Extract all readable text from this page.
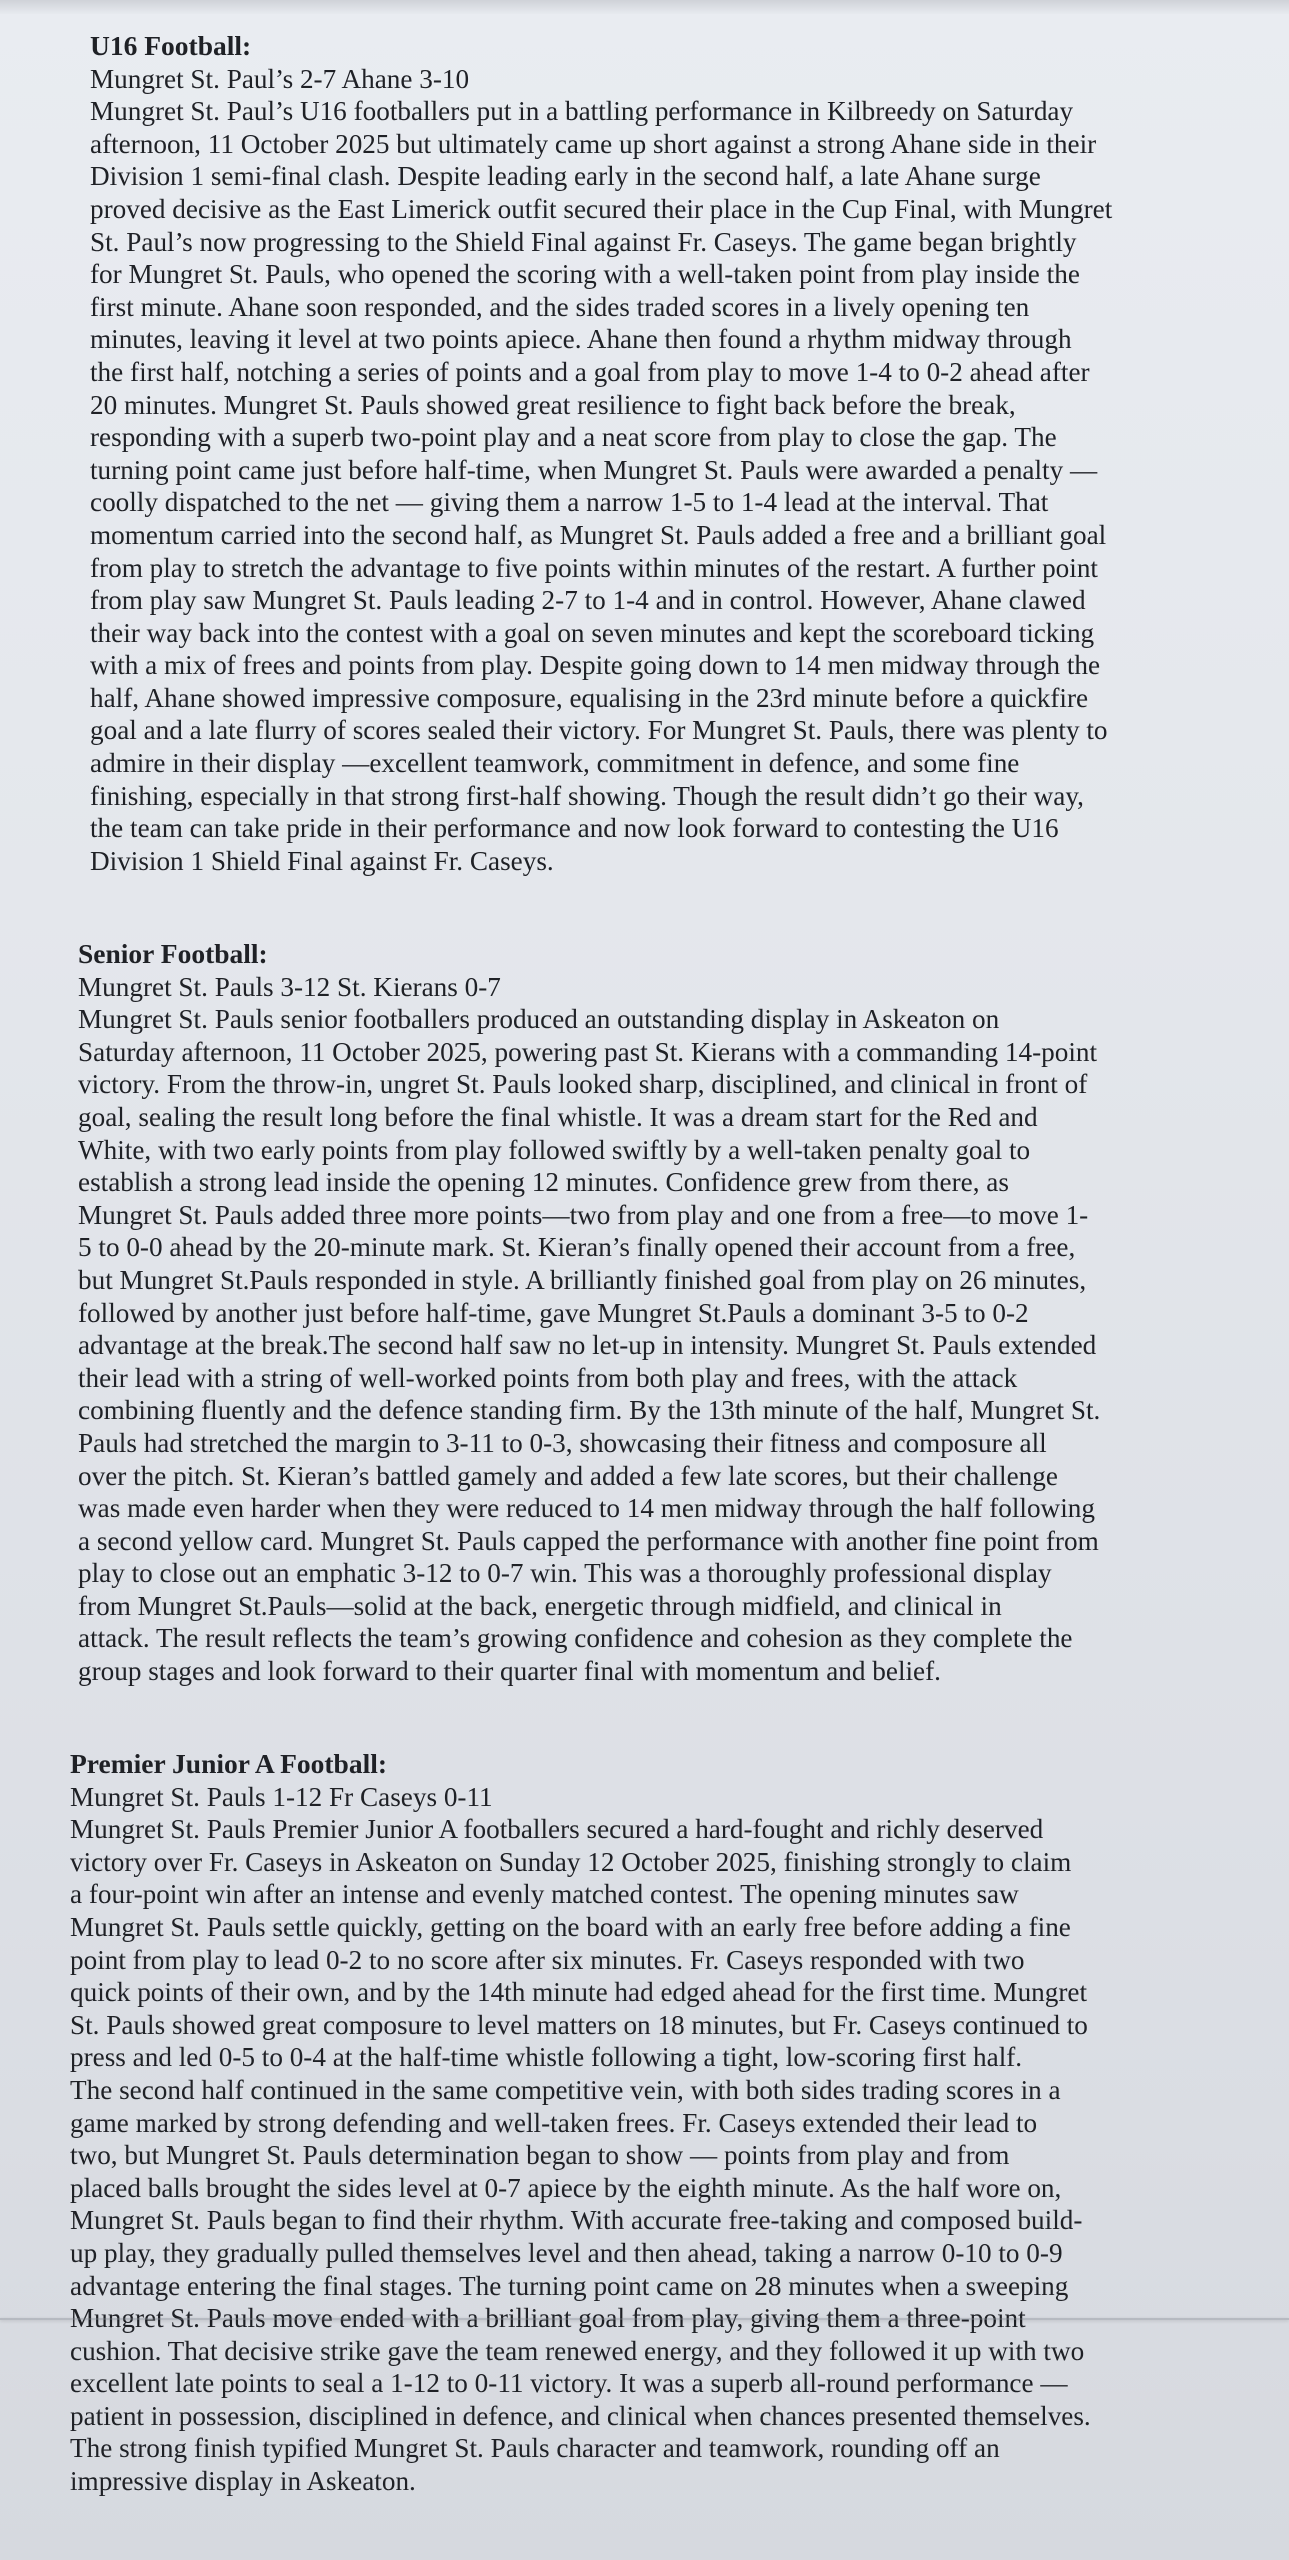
U16 Football:

Mungret St. Paul’s 2-7 Ahane 3-10

Mungret St. Paul’s U16 footballers put in a battling performance in Kilbreedy on Saturday
afternoon, 11 October 2025 but ultimately came up short against a strong Ahane side in their
Division 1 semi-final clash. Despite leading early in the second half, a late Ahane surge
proved decisive as the East Limerick outfit secured their place in the Cup Final, with Mungret
St. Paul’s now progressing to the Shield Final against Fr. Caseys. The game began brightly
for Mungret St. Pauls, who opened the scoring with a well-taken point from play inside the
first minute. Ahane soon responded, and the sides traded scores in a lively opening ten
minutes, leaving it level at two points apiece. Ahane then found a rhythm midway through
the first half, notching a series of points and a goal from play to move 1-4 to 0-2 ahead after
20 minutes. Mungret St. Pauls showed great resilience to fight back before the break,
responding with a superb two-point play and a neat score from play to close the gap. The
turning point came just before half-time, when Mungret St. Pauls were awarded a penalty —
coolly dispatched to the net — giving them a narrow 1-5 to 1-4 lead at the interval. That
momentum carried into the second half, as Mungret St. Pauls added a free and a brilliant goal
from play to stretch the advantage to five points within minutes of the restart. A further point
from play saw Mungret St. Pauls leading 2-7 to 1-4 and in control. However, Ahane clawed
their way back into the contest with a goal on seven minutes and kept the scoreboard ticking
with a mix of frees and points from play. Despite going down to 14 men midway through the
half, Ahane showed impressive composure, equalising in the 23rd minute before a quickfire
goal and a late flurry of scores sealed their victory. For Mungret St. Pauls, there was plenty to
admire in their display —excellent teamwork, commitment in defence, and some fine
finishing, especially in that strong first-half showing. Though the result didn’t go their way,
the team can take pride in their performance and now look forward to contesting the U16
Division 1 Shield Final against Fr. Caseys.

Senior Football:

Mungret St. Pauls 3-12 St. Kierans 0-7

Mungret St. Pauls senior footballers produced an outstanding display in Askeaton on
Saturday afternoon, 11 October 2025, powering past St. Kierans with a commanding 14-point
victory. From the throw-in, ungret St. Pauls looked sharp, disciplined, and clinical in front of
goal, sealing the result long before the final whistle. It was a dream start for the Red and
White, with two early points from play followed swiftly by a well-taken penalty goal to
establish a strong lead inside the opening 12 minutes. Confidence grew from there, as
Mungret St. Pauls added three more points—two from play and one from a free—to move 1-
5 to 0-0 ahead by the 20-minute mark. St. Kieran’s finally opened their account from a free,
but Mungret St.Pauls responded in style. A brilliantly finished goal from play on 26 minutes,
followed by another just before half-time, gave Mungret St.Pauls a dominant 3-5 to 0-2
advantage at the break.The second half saw no let-up in intensity. Mungret St. Pauls extended
their lead with a string of well-worked points from both play and frees, with the attack
combining fluently and the defence standing firm. By the 13th minute of the half, Mungret St.
Pauls had stretched the margin to 3-11 to 0-3, showcasing their fitness and composure all
over the pitch. St. Kieran’s battled gamely and added a few late scores, but their challenge
was made even harder when they were reduced to 14 men midway through the half following
a second yellow card. Mungret St. Pauls capped the performance with another fine point from
play to close out an emphatic 3-12 to 0-7 win. This was a thoroughly professional display
from Mungret St.Pauls—solid at the back, energetic through midfield, and clinical in
attack. The result reflects the team’s growing confidence and cohesion as they complete the
group stages and look forward to their quarter final with momentum and belief.

Premier Junior A Football:

Mungret St. Pauls 1-12 Fr Caseys 0-11

Mungret St. Pauls Premier Junior A footballers secured a hard-fought and richly deserved
victory over Fr. Caseys in Askeaton on Sunday 12 October 2025, finishing strongly to claim
a four-point win after an intense and evenly matched contest. The opening minutes saw
Mungret St. Pauls settle quickly, getting on the board with an early free before adding a fine
point from play to lead 0-2 to no score after six minutes. Fr. Caseys responded with two
quick points of their own, and by the 14th minute had edged ahead for the first time. Mungret
St. Pauls showed great composure to level matters on 18 minutes, but Fr. Caseys continued to
press and led 0-5 to 0-4 at the half-time whistle following a tight, low-scoring first half.
The second half continued in the same competitive vein, with both sides trading scores in a
game marked by strong defending and well-taken frees. Fr. Caseys extended their lead to
two, but Mungret St. Pauls determination began to show — points from play and from
placed balls brought the sides level at 0-7 apiece by the eighth minute. As the half wore on,
Mungret St. Pauls began to find their rhythm. With accurate free-taking and composed build-
up play, they gradually pulled themselves level and then ahead, taking a narrow 0-10 to 0-9
advantage entering the final stages. The turning point came on 28 minutes when a sweeping
Mungret St. Pauls move ended with a brilliant goal from play, giving them a three-point
cushion. That decisive strike gave the team renewed energy, and they followed it up with two
excellent late points to seal a 1-12 to 0-11 victory. It was a superb all-round performance —
patient in possession, disciplined in defence, and clinical when chances presented themselves.
The strong finish typified Mungret St. Pauls character and teamwork, rounding off an
impressive display in Askeaton.
